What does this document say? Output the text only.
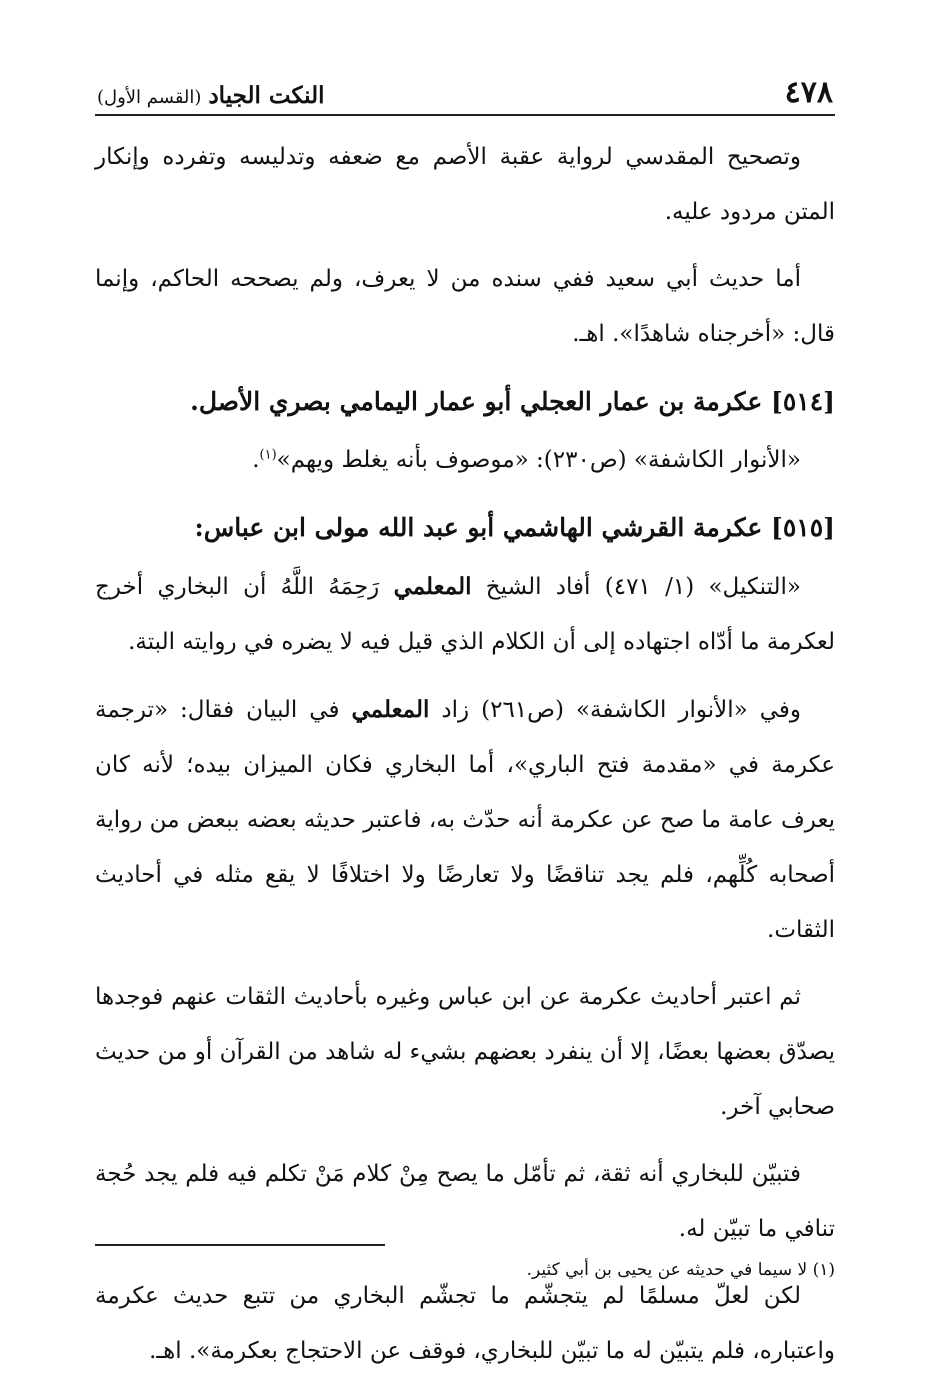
٤٧٨
النكت الجياد (القسم الأول)

وتصحيح المقدسي لرواية عقبة الأصم مع ضعفه وتدليسه وتفرده وإنكار المتن مردود عليه.

أما حديث أبي سعيد ففي سنده من لا يعرف، ولم يصححه الحاكم، وإنما قال: «أخرجناه شاهدًا». اهـ.

[٥١٤] عكرمة بن عمار العجلي أبو عمار اليمامي بصري الأصل.

«الأنوار الكاشفة» (ص٢٣٠): «موصوف بأنه يغلط ويهم»$^{(١)}$.

[٥١٥] عكرمة القرشي الهاشمي أبو عبد الله مولى ابن عباس:

«التنكيل» (١/ ٤٧١) أفاد الشيخ المعلمي رَحِمَهُ اللَّهُ أن البخاري أخرج لعكرمة ما أدّاه اجتهاده إلى أن الكلام الذي قيل فيه لا يضره في روايته البتة.

وفي «الأنوار الكاشفة» (ص٢٦١) زاد المعلمي في البيان فقال: «ترجمة عكرمة في «مقدمة فتح الباري»، أما البخاري فكان الميزان بيده؛ لأنه كان يعرف عامة ما صح عن عكرمة أنه حدّث به، فاعتبر حديثه بعضه ببعض من رواية أصحابه كُلِّهم، فلم يجد تناقضًا ولا تعارضًا ولا اختلافًا لا يقع مثله في أحاديث الثقات.

ثم اعتبر أحاديث عكرمة عن ابن عباس وغيره بأحاديث الثقات عنهم فوجدها يصدّق بعضها بعضًا، إلا أن ينفرد بعضهم بشيء له شاهد من القرآن أو من حديث صحابي آخر.

فتبيّن للبخاري أنه ثقة، ثم تأمّل ما يصح مِنْ كلام مَنْ تكلم فيه فلم يجد حُجة تنافي ما تبيّن له.

لكن لعلّ مسلمًا لم يتجشّم ما تجشّم البخاري من تتبع حديث عكرمة واعتباره، فلم يتبيّن له ما تبيّن للبخاري، فوقف عن الاحتجاج بعكرمة». اهـ.

(١) لا سيما في حديثه عن يحيى بن أبي كثير.
